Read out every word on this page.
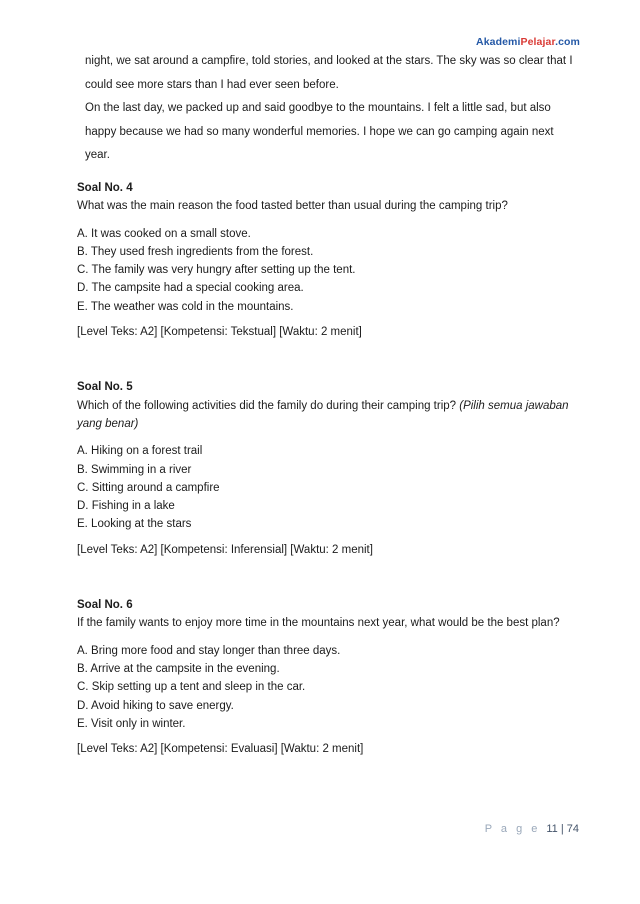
AkademiPelajar.com

night, we sat around a campfire, told stories, and looked at the stars. The sky was so clear that I could see more stars than I had ever seen before.

On the last day, we packed up and said goodbye to the mountains. I felt a little sad, but also happy because we had so many wonderful memories. I hope we can go camping again next year.

Soal No. 4

What was the main reason the food tasted better than usual during the camping trip?

A. It was cooked on a small stove.
B. They used fresh ingredients from the forest.
C. The family was very hungry after setting up the tent.
D. The campsite had a special cooking area.
E. The weather was cold in the mountains.

[Level Teks: A2] [Kompetensi: Tekstual] [Waktu: 2 menit]

Soal No. 5

Which of the following activities did the family do during their camping trip? (Pilih semua jawaban yang benar)

A. Hiking on a forest trail
B. Swimming in a river
C. Sitting around a campfire
D. Fishing in a lake
E. Looking at the stars

[Level Teks: A2] [Kompetensi: Inferensial] [Waktu: 2 menit]

Soal No. 6

If the family wants to enjoy more time in the mountains next year, what would be the best plan?

A. Bring more food and stay longer than three days.
B. Arrive at the campsite in the evening.
C. Skip setting up a tent and sleep in the car.
D. Avoid hiking to save energy.
E. Visit only in winter.

[Level Teks: A2] [Kompetensi: Evaluasi] [Waktu: 2 menit]

P a g e 11 | 74
